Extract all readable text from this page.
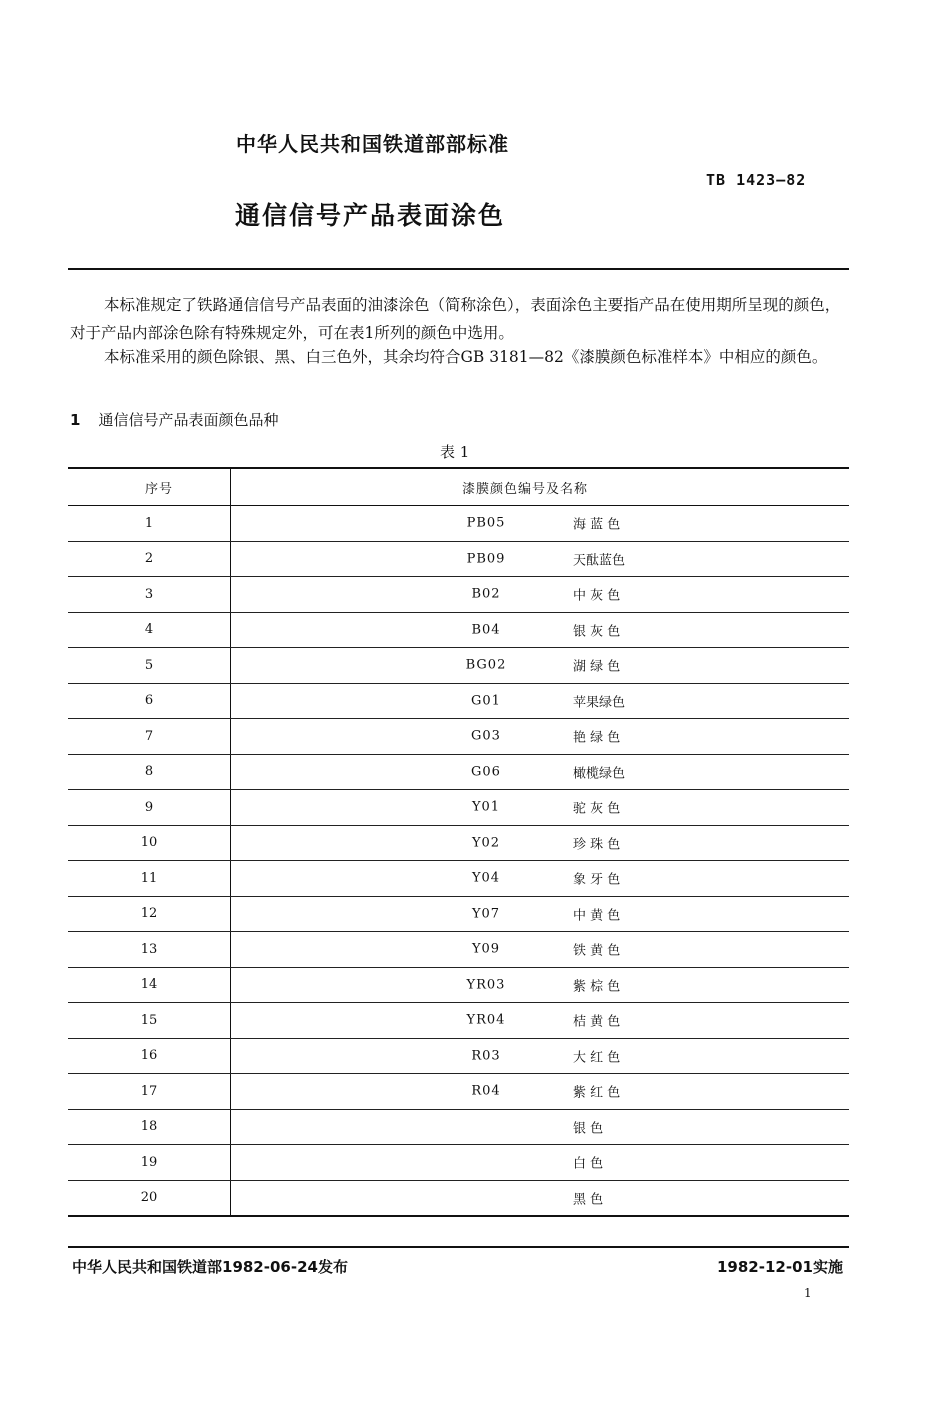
中华人民共和国铁道部部标准
TB 1423—82
通信信号产品表面涂色
本标准规定了铁路通信信号产品表面的油漆涂色（简称涂色），表面涂色主要指产品在使用期所呈现的颜色，对于产品内部涂色除有特殊规定外，可在表1所列的颜色中选用。
本标准采用的颜色除银、黑、白三色外，其余均符合GB 3181—82《漆膜颜色标准样本》中相应的颜色。
1 通信信号产品表面颜色品种
表 1
序号	漆膜颜色编号及名称
1	PB05 海 蓝 色

2	PB09 天酞蓝色

3	B02 中 灰 色

4	B04 银 灰 色

5	BG02 湖 绿 色

6	G01 苹果绿色

7	G03 艳 绿 色

8	G06 橄榄绿色

9	Y01 驼 灰 色

10	Y02 珍 珠 色

11	Y04 象 牙 色

12	Y07 中 黄 色

13	Y09 铁 黄 色

14	YR03 紫 棕 色

15	YR04 桔 黄 色

16	R03 大 红 色

17	R04 紫 红 色

18	银 色

19	白 色

20	黑 色
中华人民共和国铁道部1982-06-24发布	1982-12-01实施
1
